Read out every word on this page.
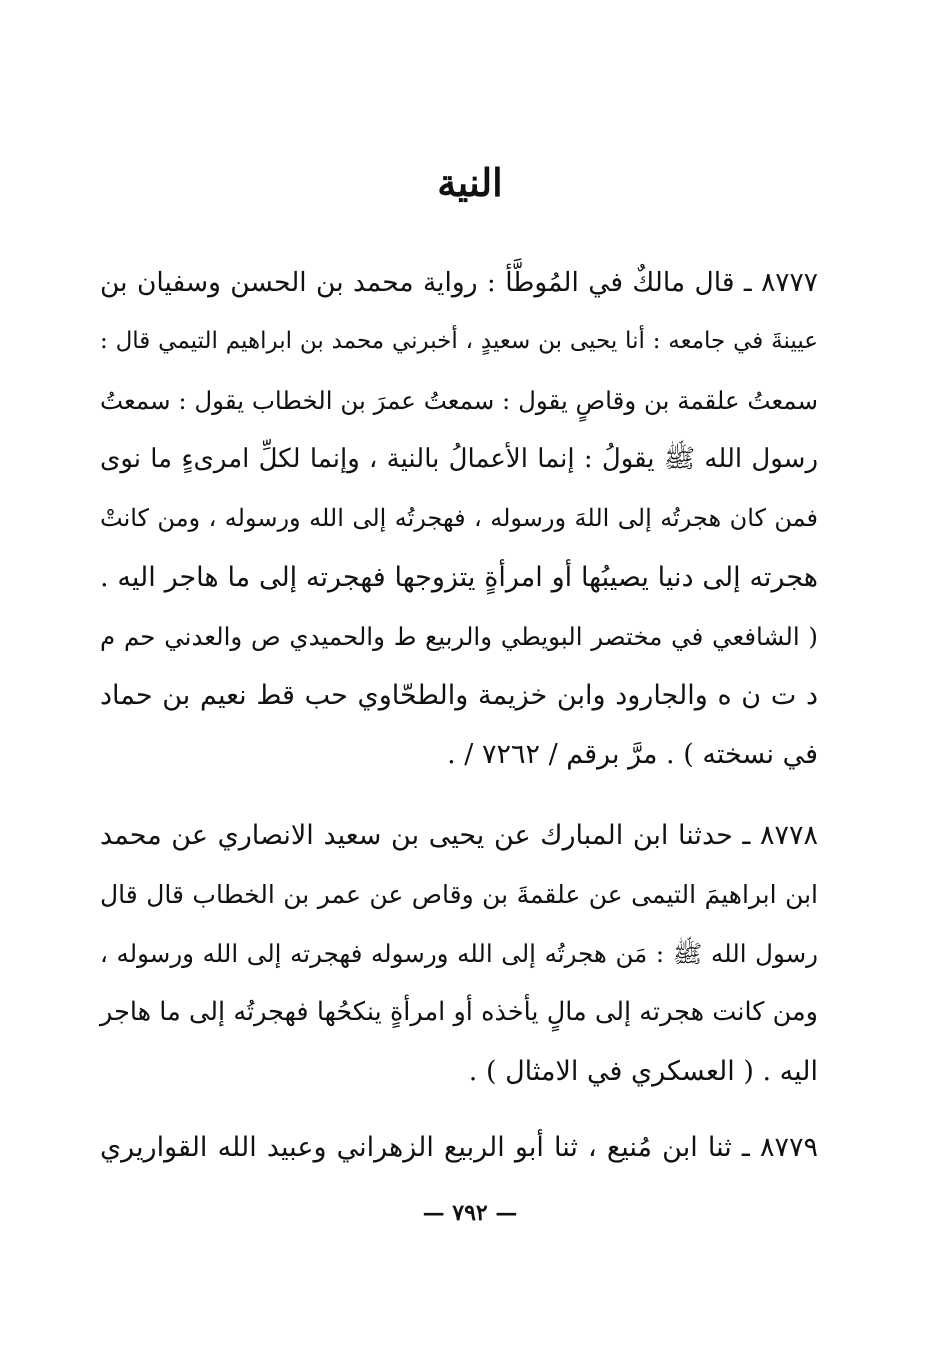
النية
٨٧٧٧ ـ قال مالكٌ في المُوطَّأ : رواية محمد بن الحسن وسفيان بن
عيينةَ في جامعه : أنا يحيى بن سعيدٍ ، أخبرني محمد بن ابراهيم التيمي قال :
سمعتُ علقمة بن وقاصٍ يقول : سمعتُ عمرَ بن الخطاب يقول : سمعتُ
رسول الله ﷺ يقولُ : إنما الأعمالُ بالنية ، وإنما لكلِّ امرىءٍ ما نوى
فمن كان هجرتُه إلى اللهَ ورسوله ، فهجرتُه إلى الله ورسوله ، ومن كانتْ
هجرته إلى دنيا يصيبُها أو امرأةٍ يتزوجها فهجرته إلى ما هاجر اليه .
( الشافعي في مختصر البويطي والربيع ط والحميدي ص والعدني حم م
د ت ن ه والجارود وابن خزيمة والطحّاوي حب قط نعيم بن حماد
في نسخته ) . مرَّ برقم / ٧٢٦٢ / .
٨٧٧٨ ـ حدثنا ابن المبارك عن يحيى بن سعيد الانصاري عن محمد
ابن ابراهيمَ التيمى عن علقمةَ بن وقاص عن عمر بن الخطاب قال قال
رسول الله ﷺ : مَن هجرتُه إلى الله ورسوله فهجرته إلى الله ورسوله ،
ومن كانت هجرته إلى مالٍ يأخذه أو امرأةٍ ينكحُها فهجرتُه إلى ما هاجر
اليه . ( العسكري في الامثال ) .
٨٧٧٩ ـ ثنا ابن مُنيع ، ثنا أبو الربيع الزهراني وعبيد الله القواريري
— ٧٩٢ —
